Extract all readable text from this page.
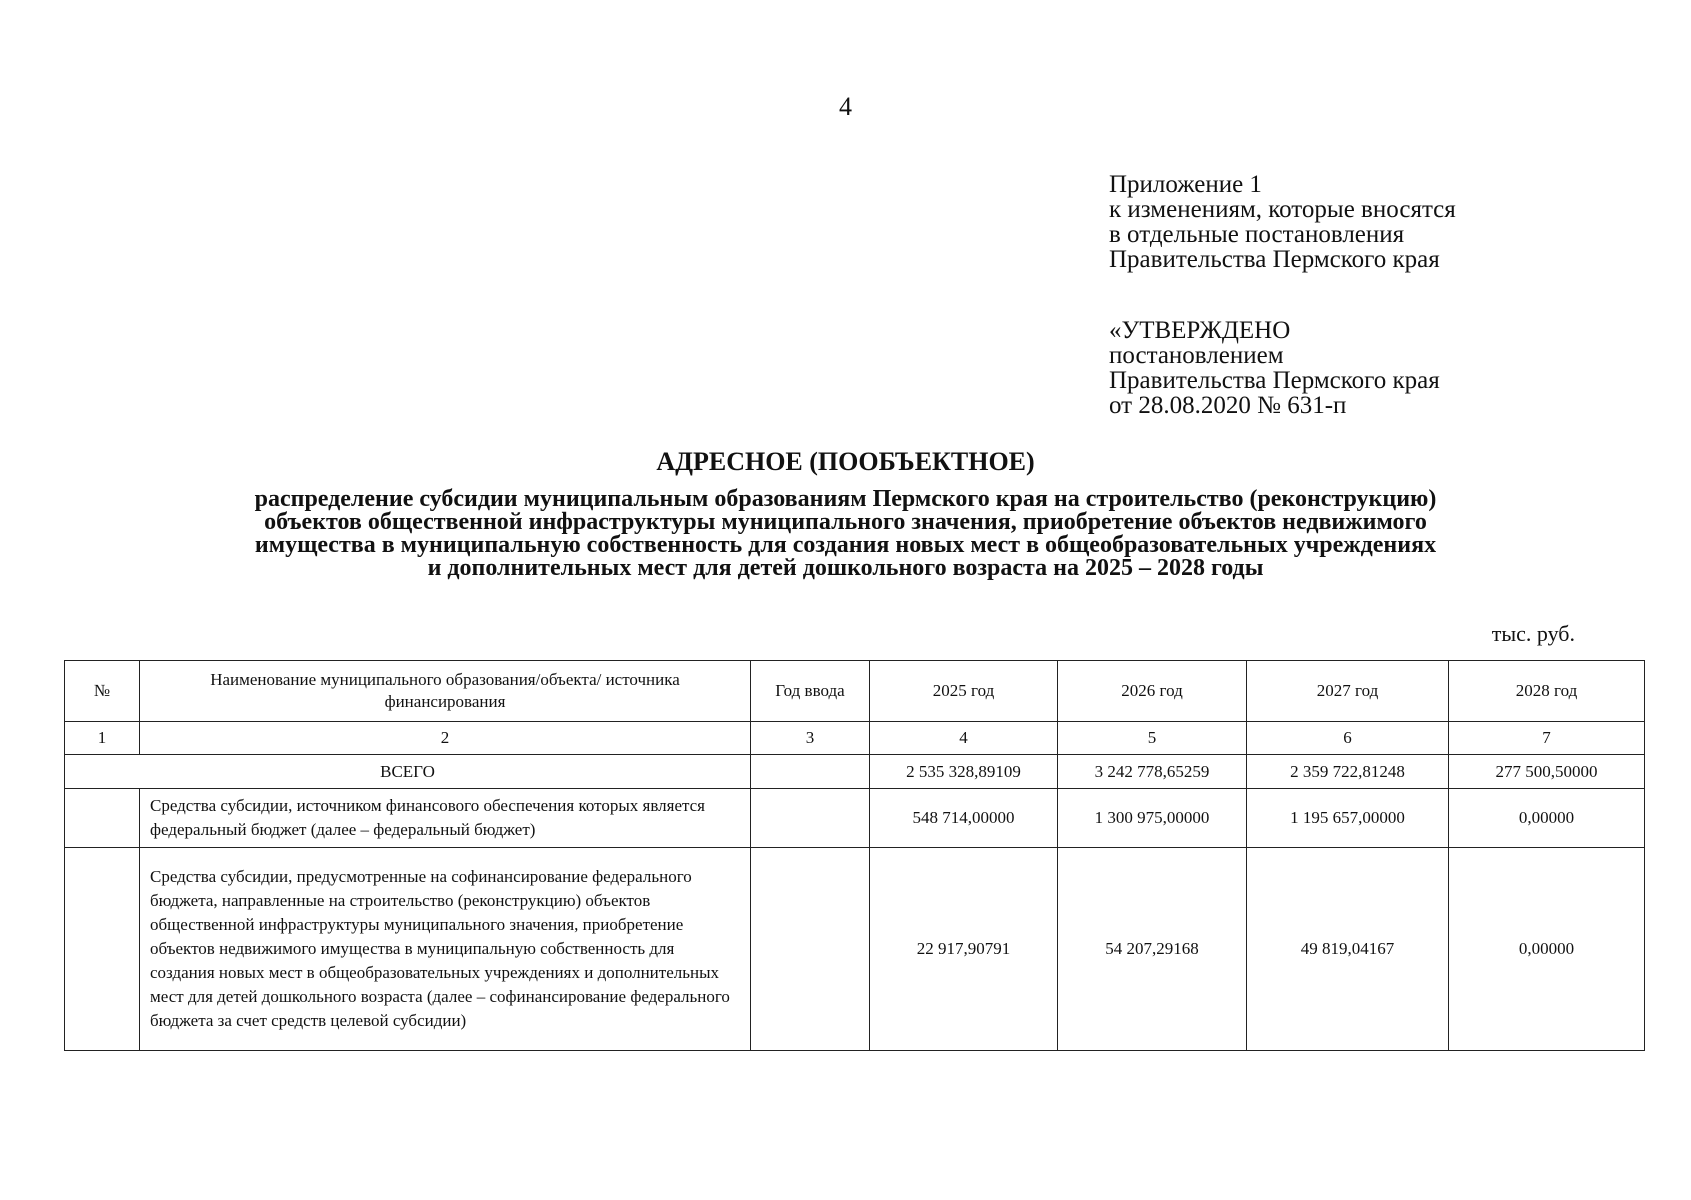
4
Приложение 1
к изменениям, которые вносятся
в отдельные постановления
Правительства Пермского края
«УТВЕРЖДЕНО
постановлением
Правительства Пермского края
от 28.08.2020 № 631-п
АДРЕСНОЕ (ПООБЪЕКТНОЕ)
распределение субсидии муниципальным образованиям Пермского края на строительство (реконструкцию)
объектов общественной инфраструктуры муниципального значения, приобретение объектов недвижимого
имущества в муниципальную собственность для создания новых мест в общеобразовательных учреждениях
и дополнительных мест для детей дошкольного возраста на 2025 – 2028 годы
тыс. руб.
№	Наименование муниципального образования/объекта/ источника финансирования	Год ввода	2025 год	2026 год	2027 год	2028 год
1	2	3	4	5	6	7
ВСЕГО			2 535 328,89109	3 242 778,65259	2 359 722,81248	277 500,50000
	Средства субсидии, источником финансового обеспечения которых является федеральный бюджет (далее – федеральный бюджет)		548 714,00000	1 300 975,00000	1 195 657,00000	0,00000
	Средства субсидии, предусмотренные на софинансирование федерального бюджета, направленные на строительство (реконструкцию) объектов общественной инфраструктуры муниципального значения, приобретение объектов недвижимого имущества в муниципальную собственность для создания новых мест в общеобразовательных учреждениях и дополнительных мест для детей дошкольного возраста (далее – софинансирование федерального бюджета за счет средств целевой субсидии)		22 917,90791	54 207,29168	49 819,04167	0,00000
